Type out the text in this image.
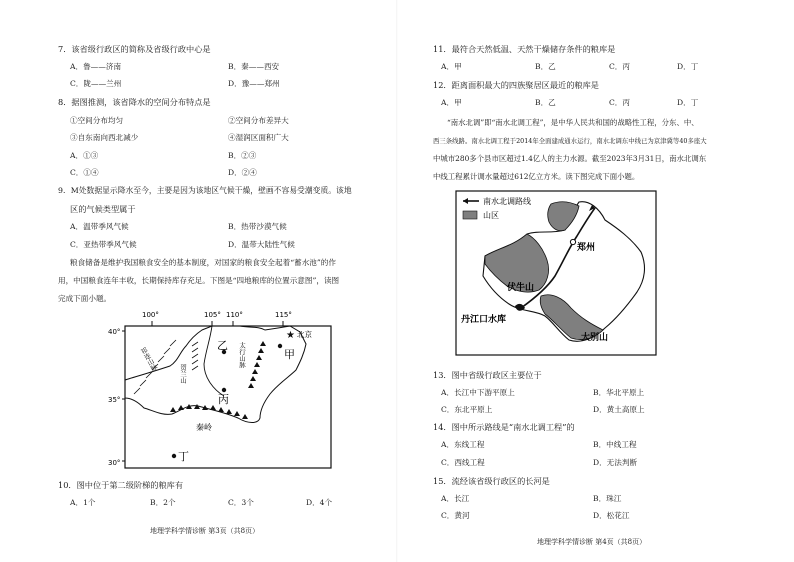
7．该省级行政区的简称及省级行政中心是
A．鲁——济南	B．秦——西安
C．陇——兰州	D．豫——郑州
8．据图推测，该省降水的空间分布特点是
①空间分布均匀	②空间分布差异大
③自东南向西北减少	④湿润区面积广大
A．①③	B．②③
C．①④	D．②④
9．M处数据显示降水至今，主要是因为该地区气候干燥，壁画不容易受潮变质。该地
区的气候类型属于
A．温带季风气候	B．热带沙漠气候
C．亚热带季风气候	D．温带大陆性气候
粮食储备是维护我国粮食安全的基本制度，对国家的粮食安全起着“蓄水池”的作
用，中国粮食连年丰收，长期保持库存充足。下图是“四地粮库的位置示意图”，读图
完成下面小题。
100°	105° 110°	115°
40°
35°
30°
贺兰山
祁连山脉	太行山脉
秦岭
★ 北京
甲
乙
丙
丁
10．图中位于第二级阶梯的粮库有
A．1个	B．2个	C．3个	D．4个
地理学科学情诊断 第3页（共8页）
11．最符合天然低温、天然干燥储存条件的粮库是
A．甲	B．乙	C．丙	D．丁
12．距离面积最大的四族聚居区最近的粮库是
A．甲	B．乙	C．丙	D．丁
“南水北调”即“南水北调工程”，是中华人民共和国的战略性工程，分东、中、
西三条线路。南水北调工程于2014年全面建成通水运行，南水北调东中线已为京津冀等40多座大
中城市280多个县市区超过1.4亿人的主力水源。截至2023年3月31日，南水北调东
中线工程累计调水量超过612亿立方米。读下图完成下面小题。
南水北调路线
山区
郑州
伏牛山
丹江口水库
大别山
13．图中省级行政区主要位于
A．长江中下游平原上	B．华北平原上
C．东北平原上	D．黄土高原上
14．图中所示路线是“南水北调工程”的
A．东线工程	B．中线工程
C．西线工程	D．无法判断
15．流经该省级行政区的长河是
A．长江	B．珠江
C．黄河	D．松花江
地理学科学情诊断 第4页（共8页）
